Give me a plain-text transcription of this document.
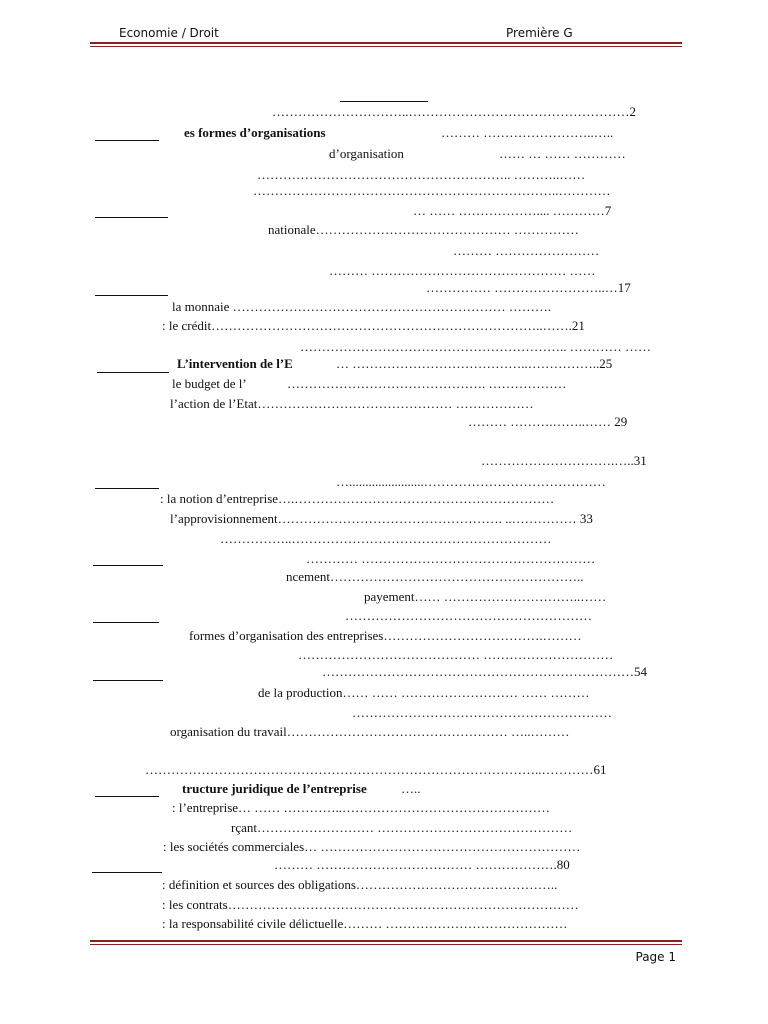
Economie / Droit	Première G
…………………………..……………………………………………2
es formes d’organisations	……… ……………………..…..
d’organisation	…… … …… …………
………………………………………………….. ………..……
……………………………………………………………..…………
… …… ……………….... …………7
nationale……………………………………… ……………
……… ……………………
……… ……………………………………… ……
…………… ……………………..…17
la monnaie ……………………………………………………… ……….
: le crédit…………………………………………………………………..…….21
…………………………………………………….. ………… ……
L’intervention de l’E	… …………………………………..……………..25
le budget de l’	………………………………………. ………………
l’action de l’Etat……………………………………… ………………
……… ……….……..…… 29
………………………….…..31
….......................……………………………………
: la notion d’entreprise….……………………………………………………
l’approvisionnement……………………………………………. ..…………… 33
……………..……………………………………………………
………… ………………………………………………
ncement…………………………………………………..
payement…… …………………………..……
…………………………………………………
formes d’organisation des entreprises……………………………….………
…………………………………… …………………………
………………………………………………………………54
de la production…… …… ……………………… …… ………
……………………………………………………
organisation du travail…………………………………………… …..………
………………………………………………………………………………..…………61
tructure juridique de l’entreprise	…..
: l’entreprise… …… …………..…………………………………………
rçant……………………… ………………………………………
: les sociétés commerciales… ……………………………………………………
……… ……………………………… ……………….80
: définition et sources des obligations………………………………………..
: les contrats………………………………………………………………………
: la responsabilité civile délictuelle……… ……………………………………
Page 1
